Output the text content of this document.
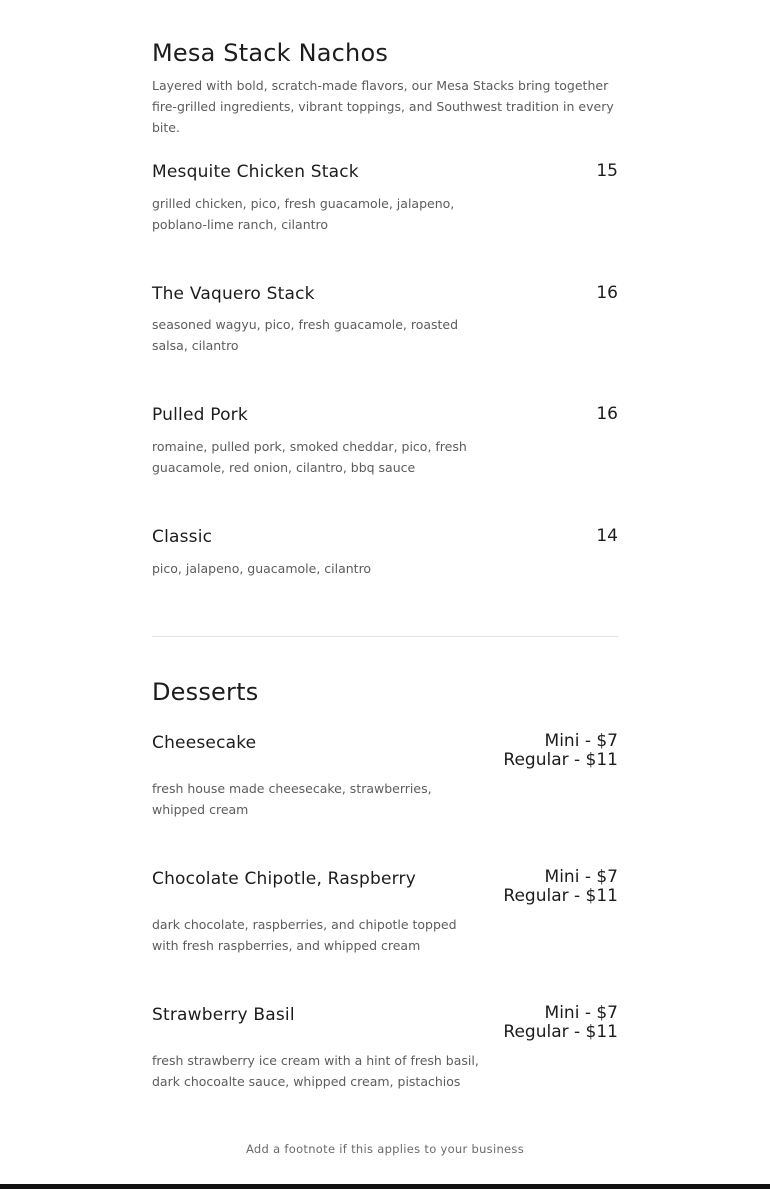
Mesa Stack Nachos

Layered with bold, scratch-made flavors, our Mesa Stacks bring together fire-grilled ingredients, vibrant toppings, and Southwest tradition in every bite.

Mesquite Chicken Stack	15

grilled chicken, pico, fresh guacamole, jalapeno, poblano-lime ranch, cilantro

The Vaquero Stack	16

seasoned wagyu, pico, fresh guacamole, roasted salsa, cilantro

Pulled Pork	16

romaine, pulled pork, smoked cheddar, pico, fresh guacamole, red onion, cilantro, bbq sauce

Classic	14

pico, jalapeno, guacamole, cilantro

Desserts
Cheesecake	Mini - $7
Regular - $11

fresh house made cheesecake, strawberries, whipped cream

Chocolate Chipotle, Raspberry	Mini - $7
Regular - $11

dark chocolate, raspberries, and chipotle topped with fresh raspberries, and whipped cream

Strawberry Basil	Mini - $7
Regular - $11

fresh strawberry ice cream with a hint of fresh basil, dark chocoalte sauce, whipped cream, pistachios

Add a footnote if this applies to your business
